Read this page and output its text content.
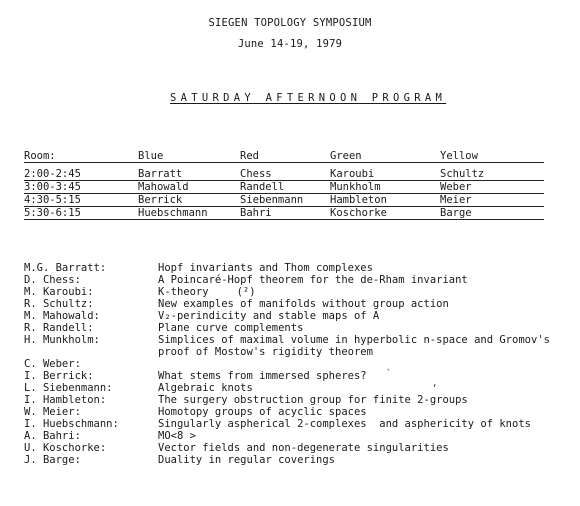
SIEGEN TOPOLOGY SYMPOSIUM
June 14-19, 1979
SATURDAY AFTERNOON PROGRAM
Room:	Blue	Red	Green	Yellow
2:00-2:45	Barratt	Chess	Karoubi	Schultz
3:00-3:45	Mahowald	Randell	Munkholm	Weber
4:30-5:15	Berrick	Siebenmann	Hambleton	Meier
5:30-6:15	Huebschmann	Bahri	Koschorke	Barge
M.G. Barratt:	Hopf invariants and Thom complexes
D. Chess:	A Poincaré-Hopf theorem for the de-Rham invariant
M. Karoubi:	K-theory	(²)
R. Schultz:	New examples of manifolds without group action
M. Mahowald:	V₂-perindicity and stable maps of A
R. Randell:	Plane curve complements
H. Munkholm:	Simplices of maximal volume in hyperbolic n-space and Gromov's
proof of Mostow's rigidity theorem
C. Weber:
I. Berrick:	What stems from immersed spheres?
L. Siebenmann:	Algebraic knots
I. Hambleton:	The surgery obstruction group for finite 2-groups
W. Meier:	Homotopy groups of acyclic spaces
I. Huebschmann:	Singularly aspherical 2-complexes  and asphericity of knots
A. Bahri:	MO<8 >
U. Koschorke:	Vector fields and non-degenerate singularities
J. Barge:	Duality in regular coverings
`
,
